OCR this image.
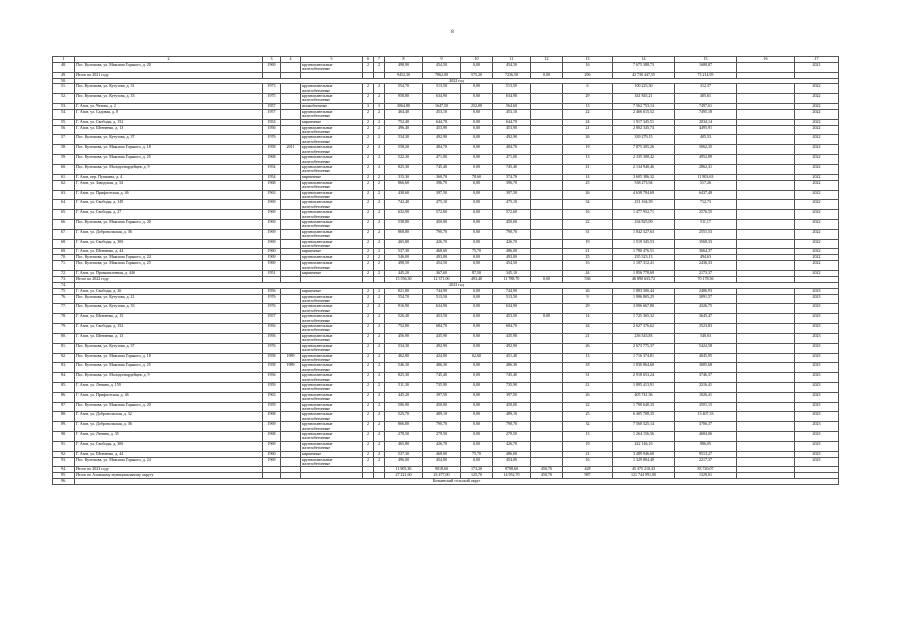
8
1	2	3	4	5	6	7	8	9	10	11	12	13	14	15	16	17
48.	Пос. Кулешова, ул. Максима Горького, д. 20	1969		крупнопанельные железобетонные	2	2	498,90	454,50	0,00	454,50		16	7 675 388,73	1688,87		2021
49.	Итого по 2021 году						9452,30	7862,00	575,20	7236,50	0,00	296	42 730 447,55	73 214,95		
50.	2022 год															
51.	Пос. Кулешова, ул. Кутузова, д. 31	1973		крупнопанельные железобетонные	2	2	554,70	513,50	0,00	513,50		6	100 225,30	312,37		2022
52.	Пос. Кулешова, ул. Кутузова, д. 33	1975		крупнопанельные железобетонные	2	2	958,80	634,90	0,00	634,90		29	341 845,21	405,61		2022
53.	Г. Азов, ул. Чехова, д. 2	1957		шлакоблочные	3	3	3064,80	1647,50	252,00	564,60		13	7 562 753,14	7497,61		2022
54.	Г. Азов, ул. Садовая, д. 8	1957		крупнопанельные железобетонные	2	2	464,40	453,10	0,00	453,10		22	2 466 615,52	7495,18		2022
55.	Г. Азов, ул. Свободы, д. 152	1954		кирпичные	2	2	752,40	644,70	0,00	644,70		24	1 917 345,51	2034,14		2022
56.	Г. Азов, ул. Шевченко, д. 13	1956		крупнопанельные железобетонные	2	2	496,40	453,90	0,00	453,90		21	2 802 345,74	4495,91		2022
57.	Пос. Кулешова, ул. Кутузова, д. 37	1976		крупнопанельные железобетонные	2	2	534,30	492,90	0,00	492,90		26	339 279,15	405,53		2022
58.	Пос. Кулешова, ул. Максима Горького, д. 18	1958	2011	крупнопанельные железобетонные	2	2	558,20	484,70	0,00	484,70		19	7 875 305,26	5062,35		2022
59.	Пос. Кулешова, ул. Максима Горького, д. 25	1968		крупнопанельные железобетонные	2	2	522,30	471,00	0,00	471,00		13	2 335 308,42	4952,89		2022
60.	Пос. Кулешова, ул. Молодогвардейцев, д. 9	1954		крупнопанельные железобетонные	2	2	825,30	745,40	0,00	745,40		21	2 134 940,46	2862,31		2022
61.	Г. Азов, пер. Пушкина, д. 4	1954		кирпичные	2	2	315,30	360,70	78,60	374,70		14	3 605 386,32	11 803,63		2022
62.	Г. Азов, ул. Заводская, д. 34	1968		крупнопанельные железобетонные	2	2	866,60	396,70	0,00	396,70		25	538 273,94	517,26		2022
63.	Г. Азов, ул. Прифлотская, д. 46	1963		крупнопанельные железобетонные	2	2	438,60	397,50	0,00	397,50		26	4 638 794,69	6437,48		2022
64.	Г. Азов, ул. Свободы, д. 149	1969		крупнопанельные железобетонные	2	2	742,40	475,10	0,00	475,10		34	231 164,39	712,73		2022
65.	Г. Азов, ул. Свободы, д. 27	1969		крупнопанельные железобетонные	2	2	632,90	572,60	0,00	572,60		16	1 477 952,71	2576,55		2022
66.	Пос. Кулешова, ул. Максима Горького, д. 20	1969		крупнопанельные железобетонные	2	2	538,80	450,00	0,00	450,00		22	234 825,09	511,17		2022
67.	Г. Азов, ул. Добровольская, д. 36	1969		крупнопанельные железобетонные	2	2	868,80	790,70	0,00	790,70		31	1 842 327,63	2551,53		2022
68.	Г. Азов, ул. Свободы, д. 30б	1969		крупнопанельные железобетонные	2	2	465,80	426,70	0,00	426,70		19	1 519 345,53	3568,33		2022
69.	Г. Азов, ул. Шевченко, д. 44	1960		кирпичные	2	2	537,30	468,60	75,70	486,00		21	1 780 476,51	3664,37		2022
70.	Пос. Кулешова, ул. Максима Горького, д. 24	1969		крупнопанельные	2	2	546,00	493,00	0,00	493,00		25	235 323,13	494,63		2022
71.	Пос. Кулешова, ул. Максима Горького, д. 25	1969		крупнопанельные железобетонные	2	2	498,50	454,50	0,00	454,50		16	1 107 312,41	2436,33		2022
72.	Г. Азов, ул. Промышленная, д. 44б	1951		кирпичные	2	2	445,20	367,60	87,50	345,10		44	1 856 778,69	2173,37		2022
73.	Итого по 2022 году						15 556,30	12 371,00	493,40	11 788,70	0,00	536	46 890 633,72	70 178,56		
74.	2023 год															
75.	Г. Азов, ул. Свободы, д. 26	1956		кирпичные	2	2	821,80	744,90	0,00	744,90		26	1 883 306,44	2486,93		2023
76.	Пос. Кулешова, ул. Кутузова, д. 21	1976		крупнопанельные железобетонные	2	2	554,70	513,50	0,00	513,50		9	1 986 805,25	3091,57		2023
77.	Пос. Кулешова, ул. Кутузова, д. 33	1976		крупнопанельные железобетонные	2	2	916,90	634,90	0,00	634,90		29	3 096 667,80	4326,75		2023
78.	Г. Азов, ул. Шевченко, д. 15	1957		крупнопанельные железобетонные	2	2	526,40	453,50	0,00	453,50	0,00	14	1 725 365,32	3645,47		2023
79.	Г. Азов, ул. Свободы, д. 152	1956		крупнопанельные железобетонные	2	2	752,80	684,70	0,00	684,70		24	2 627 376,62	3523,83		2023
80.	Г. Азов, ул. Шевченко, д. 13	1956		крупнопанельные железобетонные	2	2	456,90	435,90	0,00	435,90		21	236 543,83	540,63		2023
81.	Пос. Кулешова, ул. Кутузова, д. 37	1976		крупнопанельные железобетонные	2	2	534,30	492,90	0,00	492,90		26	2 673 775,37	5424,58		2023
82.	Пос. Кулешова, ул. Максима Горького, д. 18	1958	1989	крупнопанельные железобетонные	2	2	462,80	424,00	62,60	451,40		13	1 716 374,81	4045,95		2023
83.	Пос. Кулешова, ул. Максима Горького, д. 25	1958	1989	крупнопанельные железобетонные	2	2	546,30	486,30	0,00	486,30		18	1 830 864,68	3085,68		2023
84.	Пос. Кулешова, ул. Молодогвардейцев, д. 9	1956		крупнопанельные железобетонные	2	2	825,30	745,40	0,00	745,40		31	2 918 653,24	3746,37		2023
85.	Г. Азов, ул. Ленина, д. 159	1959		крупнопанельные железобетонные	2	2	511,30	735,90	0,00	735,90		21	1 895 413,91	3216,41		2023
86.	Г. Азов, ул. Прифлотская, д. 46	1963		крупнопанельные железобетонные	2	2	445,20	397,50	0,00	397,50		26	405 741,36	1026,41		2023
87.	Пос. Кулешова, ул. Максима Горького, д. 20	1959		крупнопанельные железобетонные	2	2	506,90	450,00	0,00	450,00		22	1 790 640,33	3501,15		2023
88.	Г. Азов, ул. Добровольская, д. 32	1968		крупнопанельные железобетонные	2	2	525,70	489,10	0,00	489,10		25	6 405 708,35	13 407,33		2023
89.	Г. Азов, ул. Добровольская, д. 36	1969		крупнопанельные железобетонные	2	2	866,80	790,70	0,00	790,70		32	7 560 325,14	3706,37		2023
90.	Г. Азов, ул. Ленина, д. 35	1968		крупнопанельные железобетонные	2	2	278,50	279,50	0,00	279,50		13	1 264 156,56	4684,06		2023
91.	Г. Азов, ул. Свободы, д. 30б	1969		крупнопанельные железобетонные	2	2	465,80	426,70	0,00	426,70		19	422 146,16	986,05		2023
92.	Г. Азов, ул. Шевченко, д. 44	1960		кирпичные	2	2	537,30	468,00	75,70	486,00		21	3 489 946,60	9513,27		2023
93.	Пос. Кулешова, ул. Максима Горького, д. 24	1969		крупнопанельные железобетонные	2	2	496,00	454,00	0,00	454,00		16	1 329 804,40	2217,37		2023
94.	Итого по 2023 году						11 905,30	9018,60	173,20	9798,60	450,70	428	45 375 210,43	83 720,07		
95.	Итого по Азовскому муниципальному округу						27 221,60	23 477,00	125,70	14 952,70	450,70	987	121 744 991,00	1329,01		
96.	Кочкинский сельский округ															
